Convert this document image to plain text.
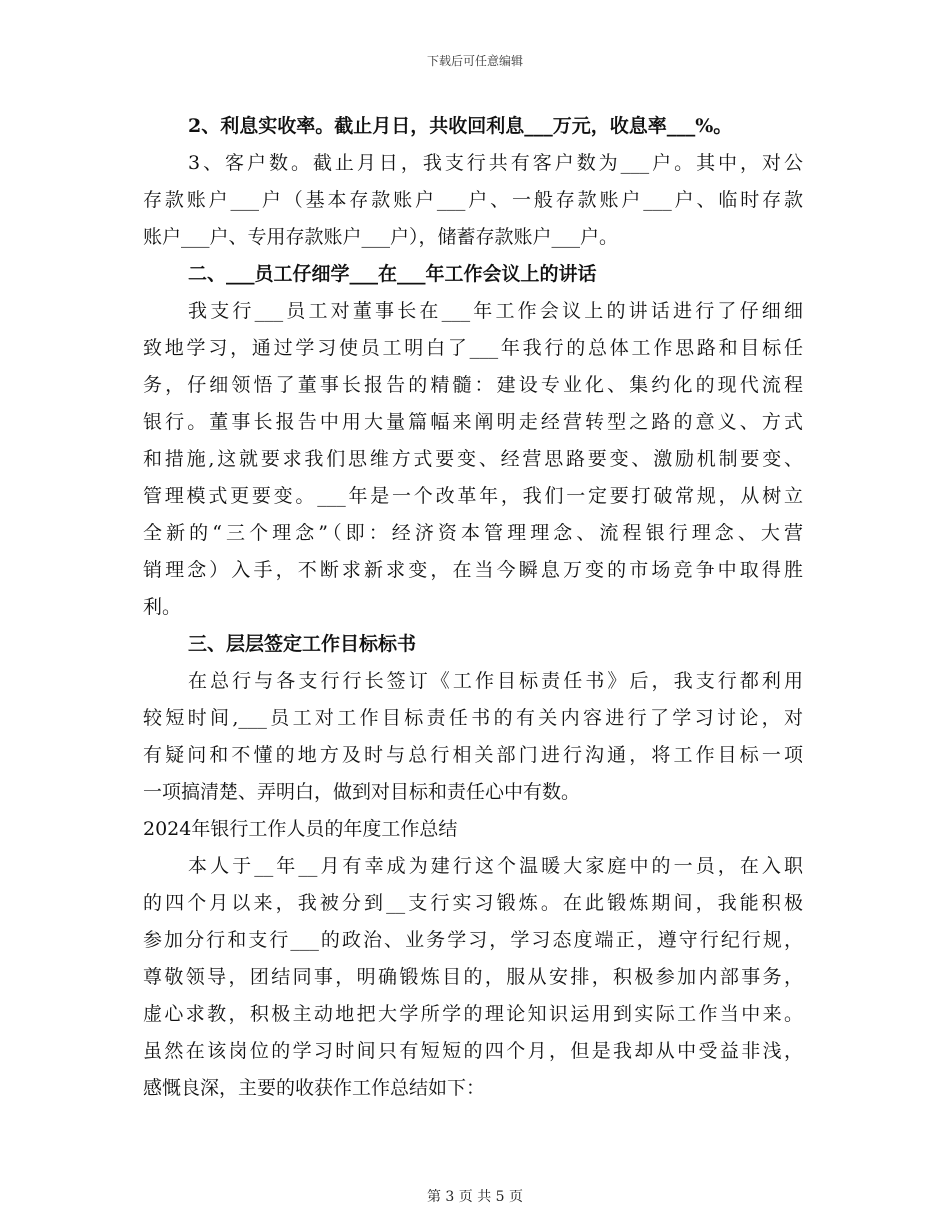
下载后可任意编辑
2、利息实收率。截止月日，共收回利息___万元，收息率___%。
3、客户数。截止月日，我支行共有客户数为___户。其中，对公
存款账户___户（基本存款账户___户、一般存款账户___户、临时存款
账户___户、专用存款账户___户），储蓄存款账户___户。
二、___员工仔细学___在___年工作会议上的讲话
我支行___员工对董事长在___年工作会议上的讲话进行了仔细细
致地学习，通过学习使员工明白了___年我行的总体工作思路和目标任
务，仔细领悟了董事长报告的精髓：建设专业化、集约化的现代流程
银行。董事长报告中用大量篇幅来阐明走经营转型之路的意义、方式
和措施,这就要求我们思维方式要变、经营思路要变、激励机制要变、
管理模式更要变。___年是一个改革年，我们一定要打破常规，从树立
全新的“三个理念”（即：经济资本管理理念、流程银行理念、大营
销理念）入手，不断求新求变，在当今瞬息万变的市场竞争中取得胜
利。
三、层层签定工作目标标书
在总行与各支行行长签订《工作目标责任书》后，我支行都利用
较短时间,___员工对工作目标责任书的有关内容进行了学习讨论，对
有疑问和不懂的地方及时与总行相关部门进行沟通，将工作目标一项
一项搞清楚、弄明白，做到对目标和责任心中有数。
2024年银行工作人员的年度工作总结
本人于__年__月有幸成为建行这个温暖大家庭中的一员，在入职
的四个月以来，我被分到__支行实习锻炼。在此锻炼期间，我能积极
参加分行和支行___的政治、业务学习，学习态度端正，遵守行纪行规，
尊敬领导，团结同事，明确锻炼目的，服从安排，积极参加内部事务，
虚心求教，积极主动地把大学所学的理论知识运用到实际工作当中来。
虽然在该岗位的学习时间只有短短的四个月，但是我却从中受益非浅，
感慨良深，主要的收获作工作总结如下：
第 3 页 共 5 页
